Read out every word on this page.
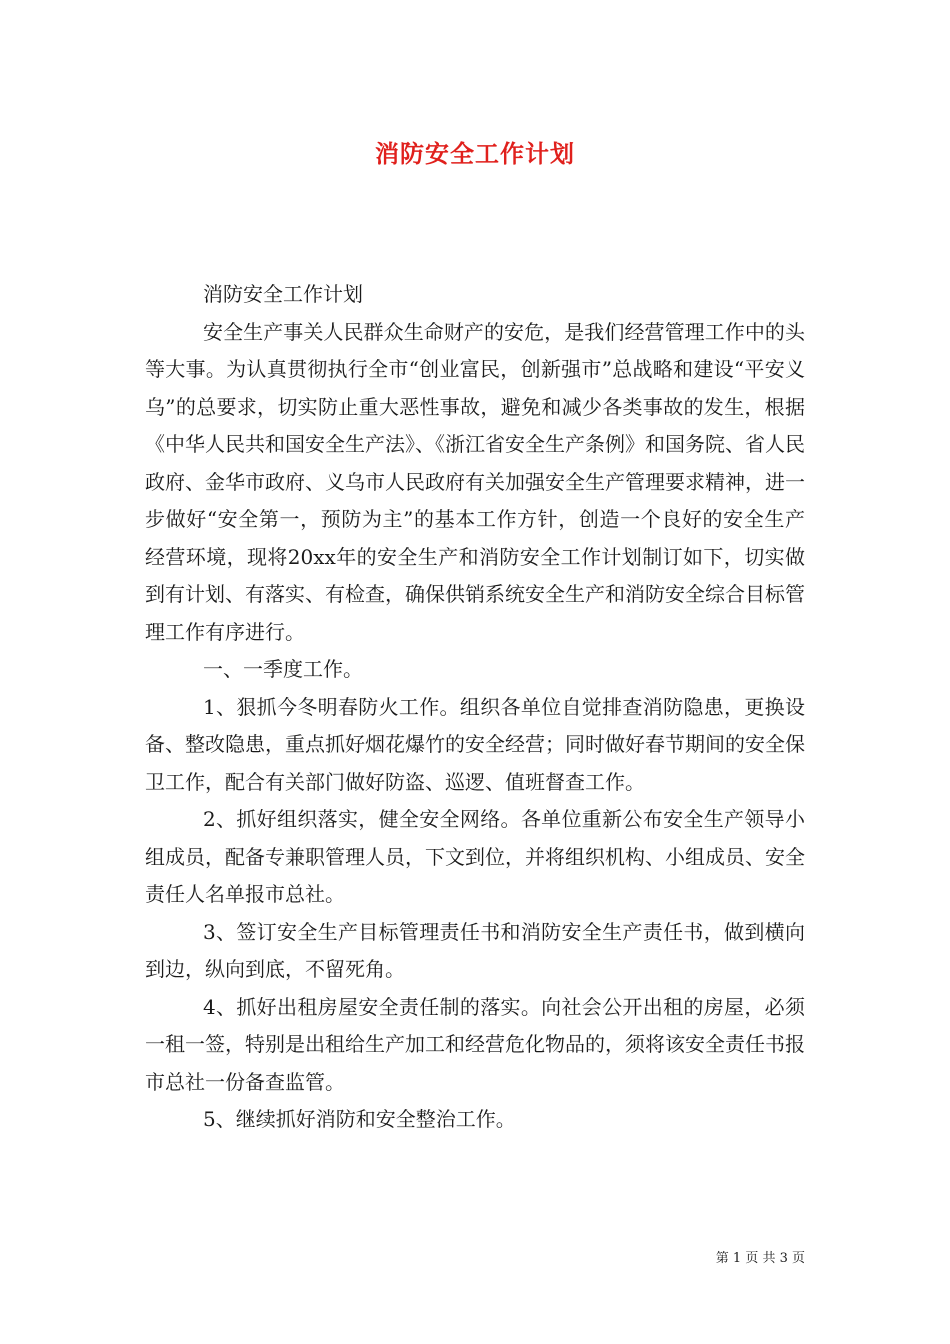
消防安全工作计划

消防安全工作计划

安全生产事关人民群众生命财产的安危，是我们经营管理工作中的头等大事。为认真贯彻执行全市“创业富民，创新强市”总战略和建设“平安义乌”的总要求，切实防止重大恶性事故，避免和减少各类事故的发生，根据《中华人民共和国安全生产法》、《浙江省安全生产条例》和国务院、省人民政府、金华市政府、义乌市人民政府有关加强安全生产管理要求精神，进一步做好“安全第一，预防为主”的基本工作方针，创造一个良好的安全生产经营环境，现将20xx年的安全生产和消防安全工作计划制订如下，切实做到有计划、有落实、有检查，确保供销系统安全生产和消防安全综合目标管理工作有序进行。

一、一季度工作。

1、狠抓今冬明春防火工作。组织各单位自觉排查消防隐患，更换设备、整改隐患，重点抓好烟花爆竹的安全经营；同时做好春节期间的安全保卫工作，配合有关部门做好防盗、巡逻、值班督查工作。

2、抓好组织落实，健全安全网络。各单位重新公布安全生产领导小组成员，配备专兼职管理人员，下文到位，并将组织机构、小组成员、安全责任人名单报市总社。

3、签订安全生产目标管理责任书和消防安全生产责任书，做到横向到边，纵向到底，不留死角。

4、抓好出租房屋安全责任制的落实。向社会公开出租的房屋，必须一租一签，特别是出租给生产加工和经营危化物品的，须将该安全责任书报市总社一份备查监管。

5、继续抓好消防和安全整治工作。

第 1 页 共 3 页
